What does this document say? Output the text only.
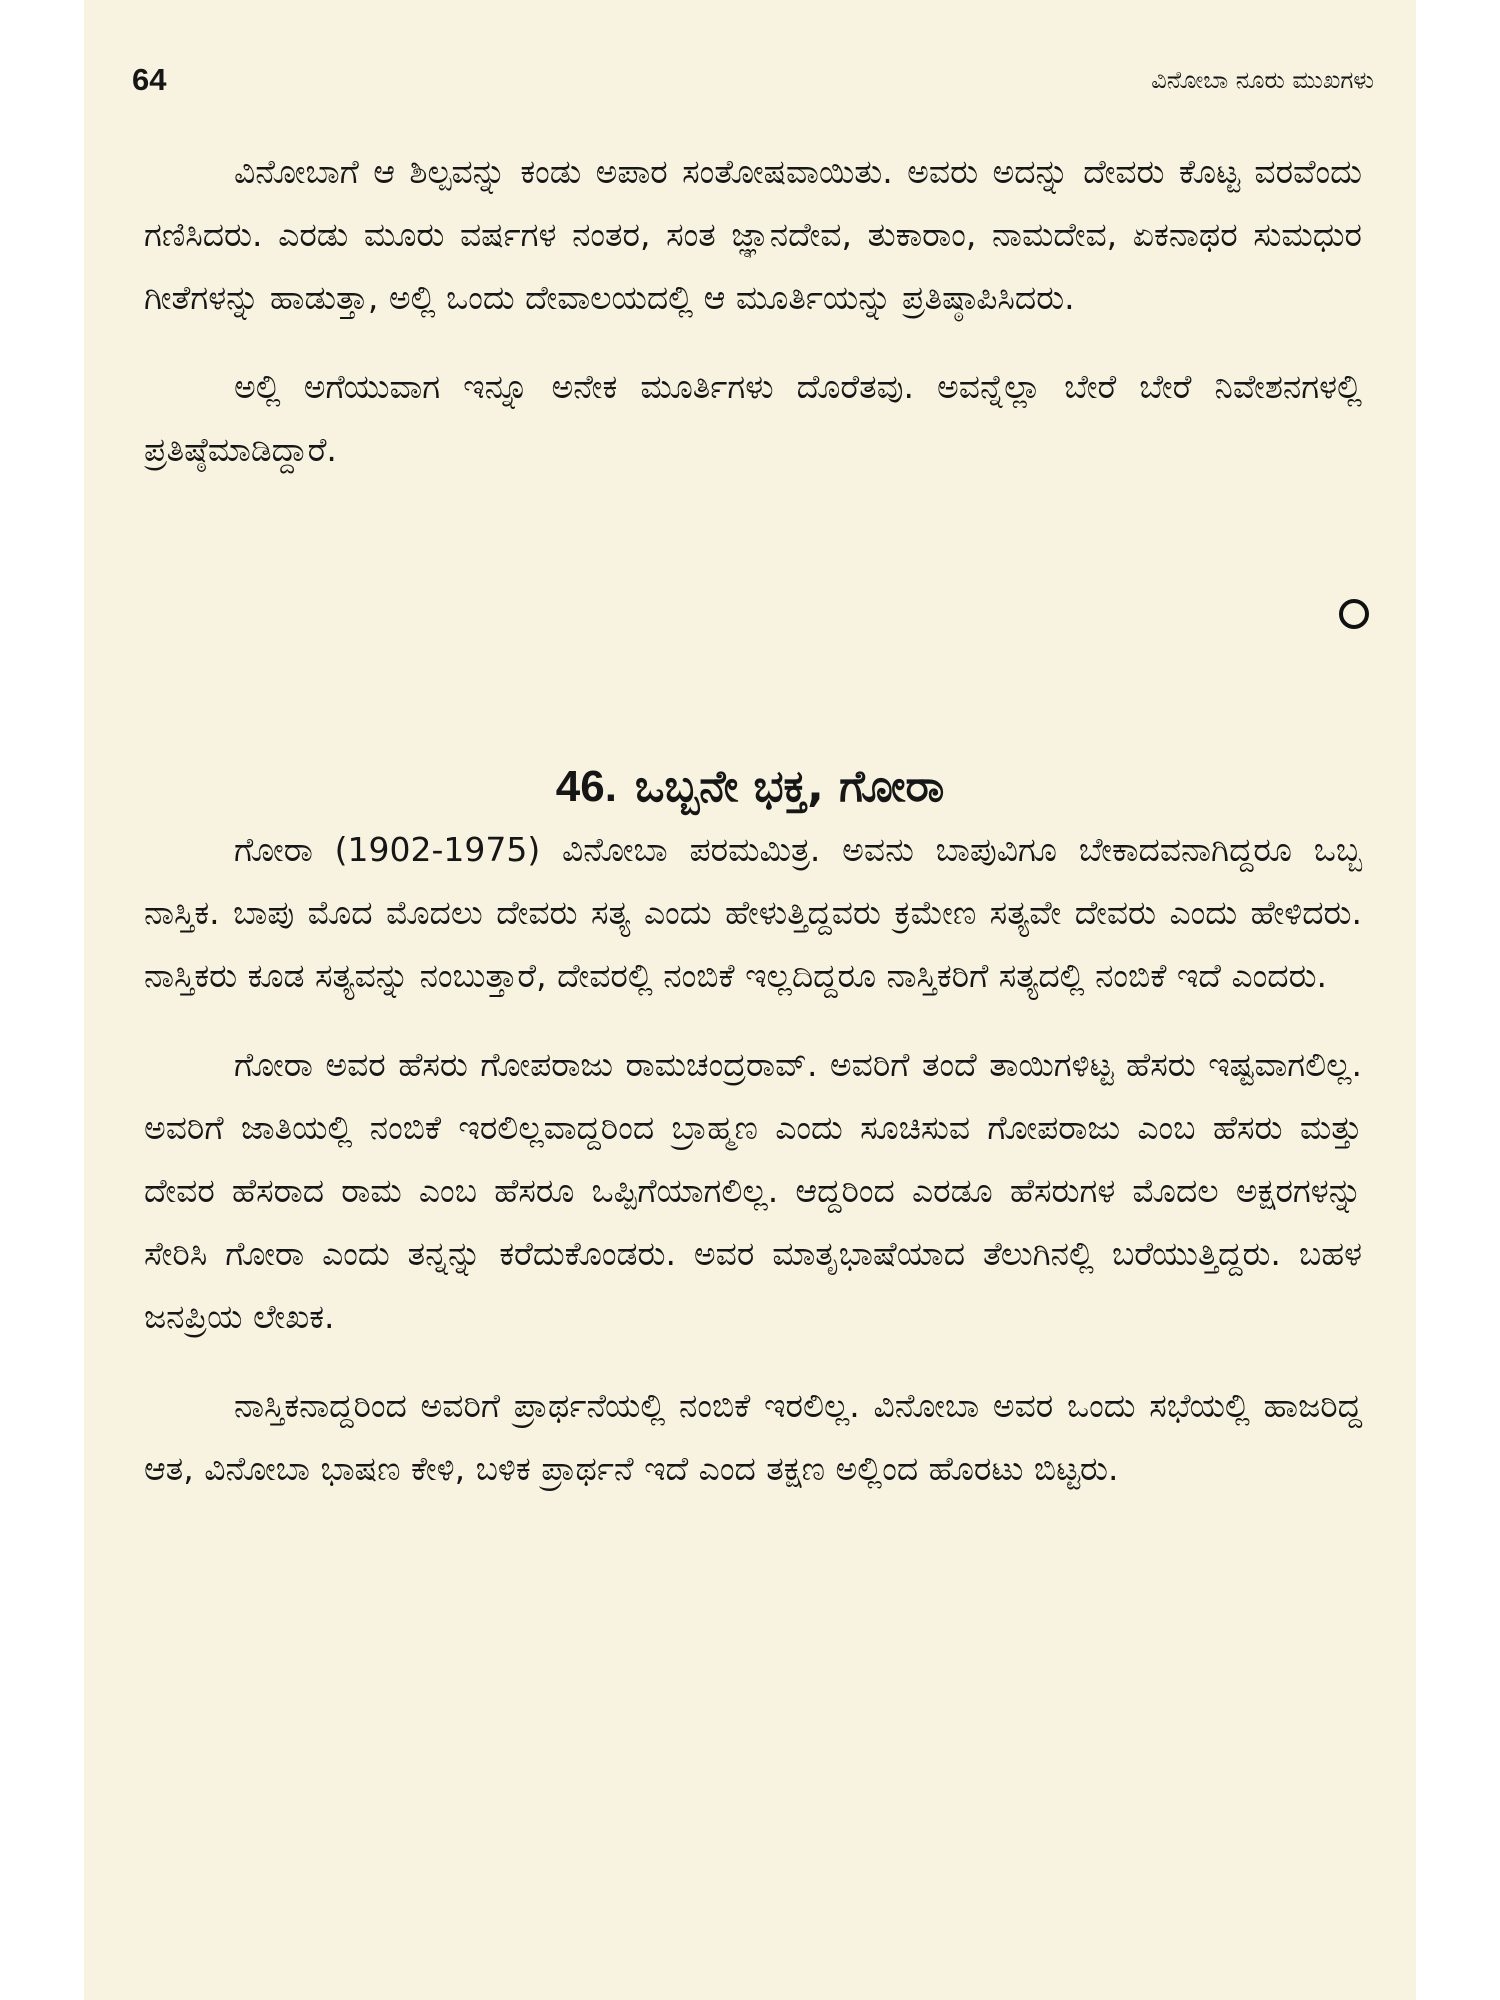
64	ವಿನೋಬಾ ನೂರು ಮುಖಗಳು

ವಿನೋಬಾಗೆ ಆ ಶಿಲ್ಪವನ್ನು ಕಂಡು ಅಪಾರ ಸಂತೋಷವಾಯಿತು. ಅವರು ಅದನ್ನು ದೇವರು ಕೊಟ್ಟ ವರವೆಂದು ಗಣಿಸಿದರು. ಎರಡು ಮೂರು ವರ್ಷಗಳ ನಂತರ, ಸಂತ ಜ್ಞಾನದೇವ, ತುಕಾರಾಂ, ನಾಮದೇವ, ಏಕನಾಥರ ಸುಮಧುರ ಗೀತೆಗಳನ್ನು ಹಾಡುತ್ತಾ, ಅಲ್ಲಿ ಒಂದು ದೇವಾಲಯದಲ್ಲಿ ಆ ಮೂರ್ತಿಯನ್ನು ಪ್ರತಿಷ್ಠಾಪಿಸಿದರು.

ಅಲ್ಲಿ ಅಗೆಯುವಾಗ ಇನ್ನೂ ಅನೇಕ ಮೂರ್ತಿಗಳು ದೊರೆತವು. ಅವನ್ನೆಲ್ಲಾ ಬೇರೆ ಬೇರೆ ನಿವೇಶನಗಳಲ್ಲಿ ಪ್ರತಿಷ್ಠೆಮಾಡಿದ್ದಾರೆ.

46. ಒಬ್ಬನೇ ಭಕ್ತ, ಗೋರಾ

ಗೋರಾ (1902-1975) ವಿನೋಬಾ ಪರಮಮಿತ್ರ. ಅವನು ಬಾಪುವಿಗೂ ಬೇಕಾದವನಾಗಿದ್ದರೂ ಒಬ್ಬ ನಾಸ್ತಿಕ. ಬಾಪು ಮೊದ ಮೊದಲು ದೇವರು ಸತ್ಯ ಎಂದು ಹೇಳುತ್ತಿದ್ದವರು ಕ್ರಮೇಣ ಸತ್ಯವೇ ದೇವರು ಎಂದು ಹೇಳಿದರು. ನಾಸ್ತಿಕರು ಕೂಡ ಸತ್ಯವನ್ನು ನಂಬುತ್ತಾರೆ, ದೇವರಲ್ಲಿ ನಂಬಿಕೆ ಇಲ್ಲದಿದ್ದರೂ ನಾಸ್ತಿಕರಿಗೆ ಸತ್ಯದಲ್ಲಿ ನಂಬಿಕೆ ಇದೆ ಎಂದರು.

ಗೋರಾ ಅವರ ಹೆಸರು ಗೋಪರಾಜು ರಾಮಚಂದ್ರರಾವ್. ಅವರಿಗೆ ತಂದೆ ತಾಯಿಗಳಿಟ್ಟ ಹೆಸರು ಇಷ್ಟವಾಗಲಿಲ್ಲ. ಅವರಿಗೆ ಜಾತಿಯಲ್ಲಿ ನಂಬಿಕೆ ಇರಲಿಲ್ಲವಾದ್ದರಿಂದ ಬ್ರಾಹ್ಮಣ ಎಂದು ಸೂಚಿಸುವ ಗೋಪರಾಜು ಎಂಬ ಹೆಸರು ಮತ್ತು ದೇವರ ಹೆಸರಾದ ರಾಮ ಎಂಬ ಹೆಸರೂ ಒಪ್ಪಿಗೆಯಾಗಲಿಲ್ಲ. ಆದ್ದರಿಂದ ಎರಡೂ ಹೆಸರುಗಳ ಮೊದಲ ಅಕ್ಷರಗಳನ್ನು ಸೇರಿಸಿ ಗೋರಾ ಎಂದು ತನ್ನನ್ನು ಕರೆದುಕೊಂಡರು. ಅವರ ಮಾತೃಭಾಷೆಯಾದ ತೆಲುಗಿನಲ್ಲಿ ಬರೆಯುತ್ತಿದ್ದರು. ಬಹಳ ಜನಪ್ರಿಯ ಲೇಖಕ.

ನಾಸ್ತಿಕನಾದ್ದರಿಂದ ಅವರಿಗೆ ಪ್ರಾರ್ಥನೆಯಲ್ಲಿ ನಂಬಿಕೆ ಇರಲಿಲ್ಲ. ವಿನೋಬಾ ಅವರ ಒಂದು ಸಭೆಯಲ್ಲಿ ಹಾಜರಿದ್ದ ಆತ, ವಿನೋಬಾ ಭಾಷಣ ಕೇಳಿ, ಬಳಿಕ ಪ್ರಾರ್ಥನೆ ಇದೆ ಎಂದ ತಕ್ಷಣ ಅಲ್ಲಿಂದ ಹೊರಟು ಬಿಟ್ಟರು.
